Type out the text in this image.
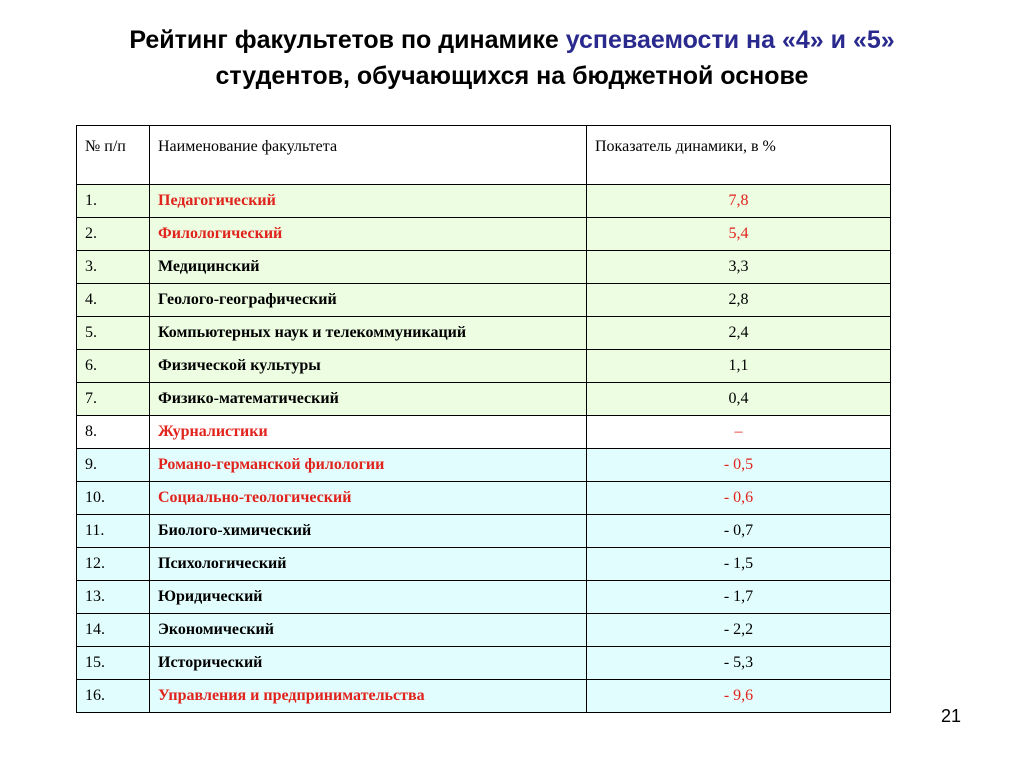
Рейтинг факультетов по динамике успеваемости на «4» и «5»
студентов, обучающихся на бюджетной основе
№ п/п	Наименование факультета	Показатель динамики, в %
1.	Педагогический	7,8
2.	Филологический	5,4
3.	Медицинский	3,3
4.	Геолого-географический	2,8
5.	Компьютерных наук и телекоммуникаций	2,4
6.	Физической культуры	1,1
7.	Физико-математический	0,4
8.	Журналистики	–
9.	Романо-германской филологии	- 0,5
10.	Социально-теологический	- 0,6
11.	Биолого-химический	- 0,7
12.	Психологический	- 1,5
13.	Юридический	- 1,7
14.	Экономический	- 2,2
15.	Исторический	- 5,3
16.	Управления и предпринимательства	- 9,6
21
